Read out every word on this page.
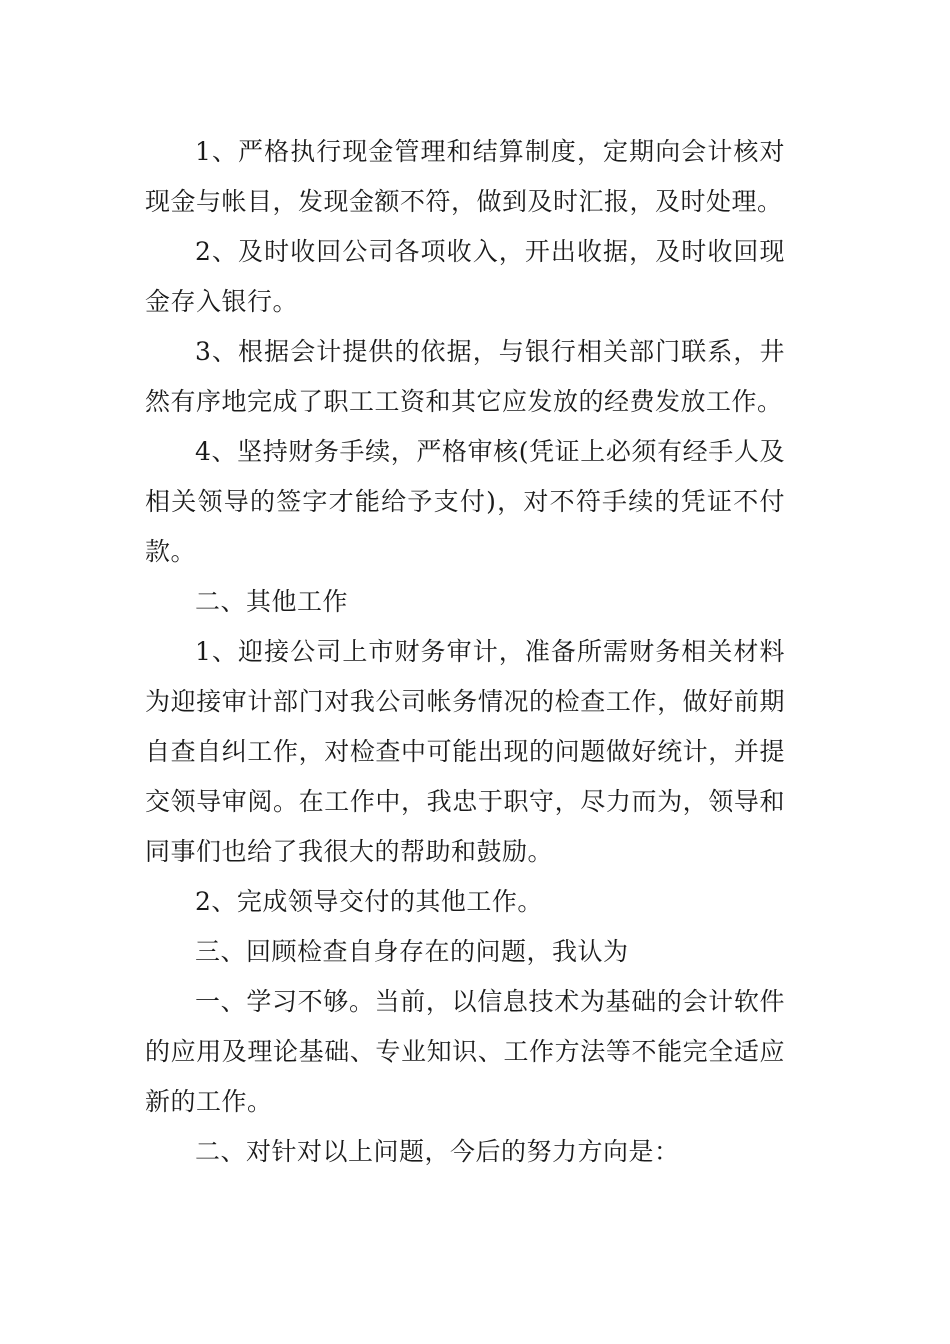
1、严格执行现金管理和结算制度，定期向会计核对现金与帐目，发现金额不符，做到及时汇报，及时处理。

2、及时收回公司各项收入，开出收据，及时收回现金存入银行。

3、根据会计提供的依据，与银行相关部门联系，井然有序地完成了职工工资和其它应发放的经费发放工作。

4、坚持财务手续，严格审核(凭证上必须有经手人及相关领导的签字才能给予支付)，对不符手续的凭证不付款。

二、其他工作

1、迎接公司上市财务审计，准备所需财务相关材料为迎接审计部门对我公司帐务情况的检查工作，做好前期自查自纠工作，对检查中可能出现的问题做好统计，并提交领导审阅。在工作中，我忠于职守，尽力而为，领导和同事们也给了我很大的帮助和鼓励。

2、完成领导交付的其他工作。

三、回顾检查自身存在的问题，我认为

一、学习不够。当前，以信息技术为基础的会计软件的应用及理论基础、专业知识、工作方法等不能完全适应新的工作。

二、对针对以上问题，今后的努力方向是：
